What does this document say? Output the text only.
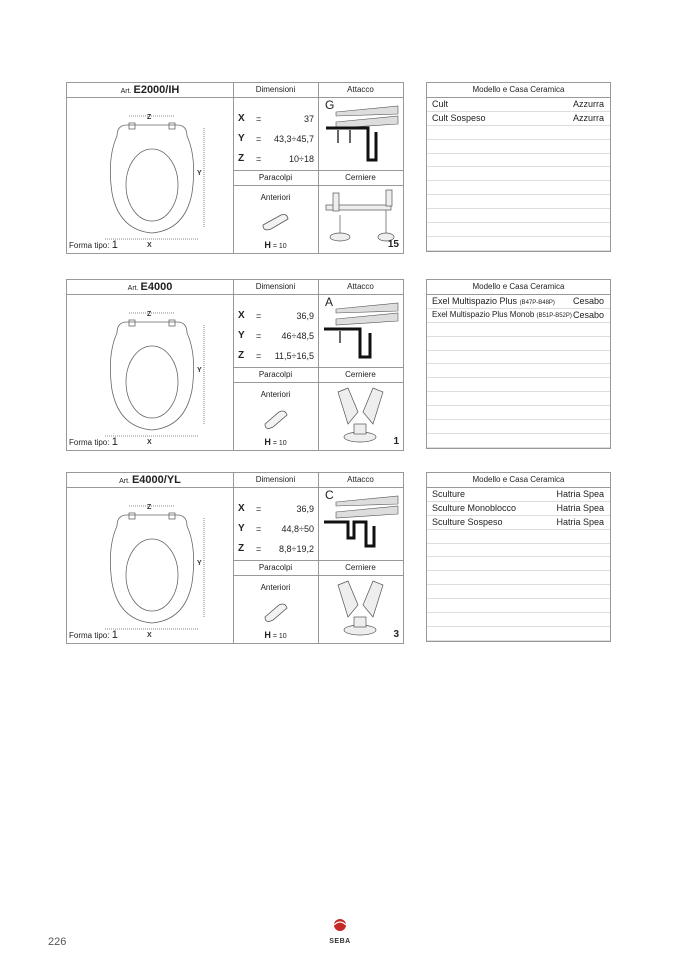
Art. E2000/IH
Z
X
Y
Forma tipo: 1
Dimensioni
X =	37
Y = 43,3÷45,7
Z =	10÷18
Paracolpi
Anteriori
H = 10
Attacco
G
Cerniere
15
Modello e Casa Ceramica
Cult	Azzurra
Cult Sospeso	Azzurra
Art. E4000
Z
X
Y
Forma tipo: 1
Dimensioni
X =	36,9
Y = 46÷48,5
Z = 11,5÷16,5
Paracolpi
Anteriori
H = 10
Attacco
A
Cerniere
1
Modello e Casa Ceramica
Exel Multispazio Plus (B47P-B48P) Cesabo
Exel Multispazio Plus Monob (B51P-B52P) Cesabo
Art. E4000/YL
Z
X
Y
Forma tipo: 1
Dimensioni
X =	36,9
Y = 44,8÷50
Z = 8,8÷19,2
Paracolpi
Anteriori
H = 10
Attacco
C
Cerniere
3
Modello e Casa Ceramica
Sculture	Hatria Spea
Sculture Monoblocco	Hatria Spea
Sculture Sospeso	Hatria Spea
226	SEBA
